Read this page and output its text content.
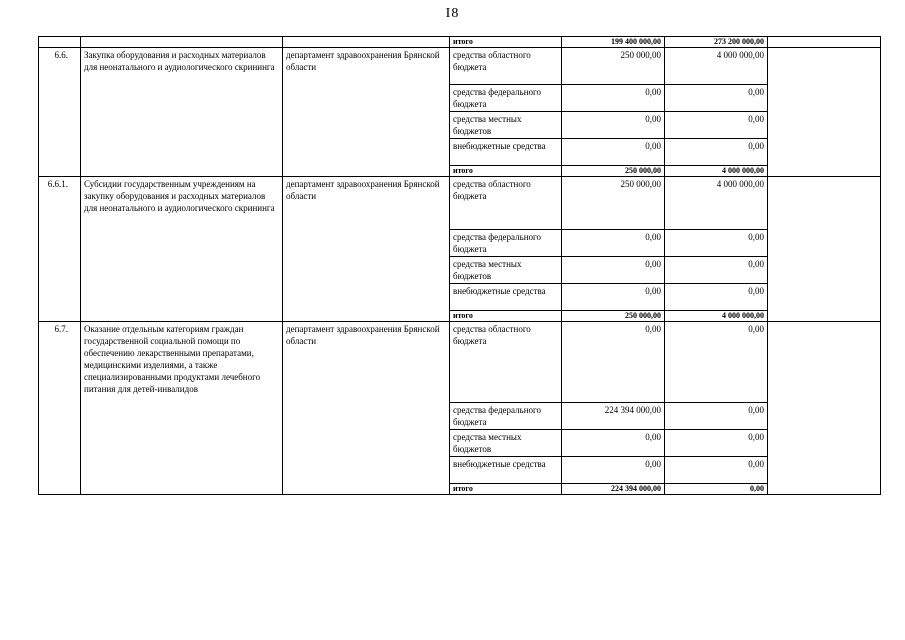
I8
			итого	199 400 000,00	273 200 000,00	
6.6.	Закупка оборудования и расходных материалов для неонатального и аудиологического скрининга	департамент здравоохранения Брянской области	средства областного бюджета	250 000,00	4 000 000,00	
			средства федерального бюджета	0,00	0,00	
			средства местных бюджетов	0,00	0,00	
			внебюджетные средства	0,00	0,00	
			итого	250 000,00	4 000 000,00	
6.6.1.	Субсидии государственным учреждениям на закупку оборудования и расходных материалов для неонатального и аудиологического скрининга	департамент здравоохранения Брянской области	средства областного бюджета	250 000,00	4 000 000,00	
			средства федерального бюджета	0,00	0,00	
			средства местных бюджетов	0,00	0,00	
			внебюджетные средства	0,00	0,00	
			итого	250 000,00	4 000 000,00	
6.7.	Оказание отдельным категориям граждан государственной социальной помощи по обеспечению лекарственными препаратами, медицинскими изделиями, а также специализированными продуктами лечебного питания для детей-инвалидов	департамент здравоохранения Брянской области	средства областного бюджета	0,00	0,00	
			средства федерального бюджета	224 394 000,00	0,00	
			средства местных бюджетов	0,00	0,00	
			внебюджетные средства	0,00	0,00	
			итого	224 394 000,00	0,00	
